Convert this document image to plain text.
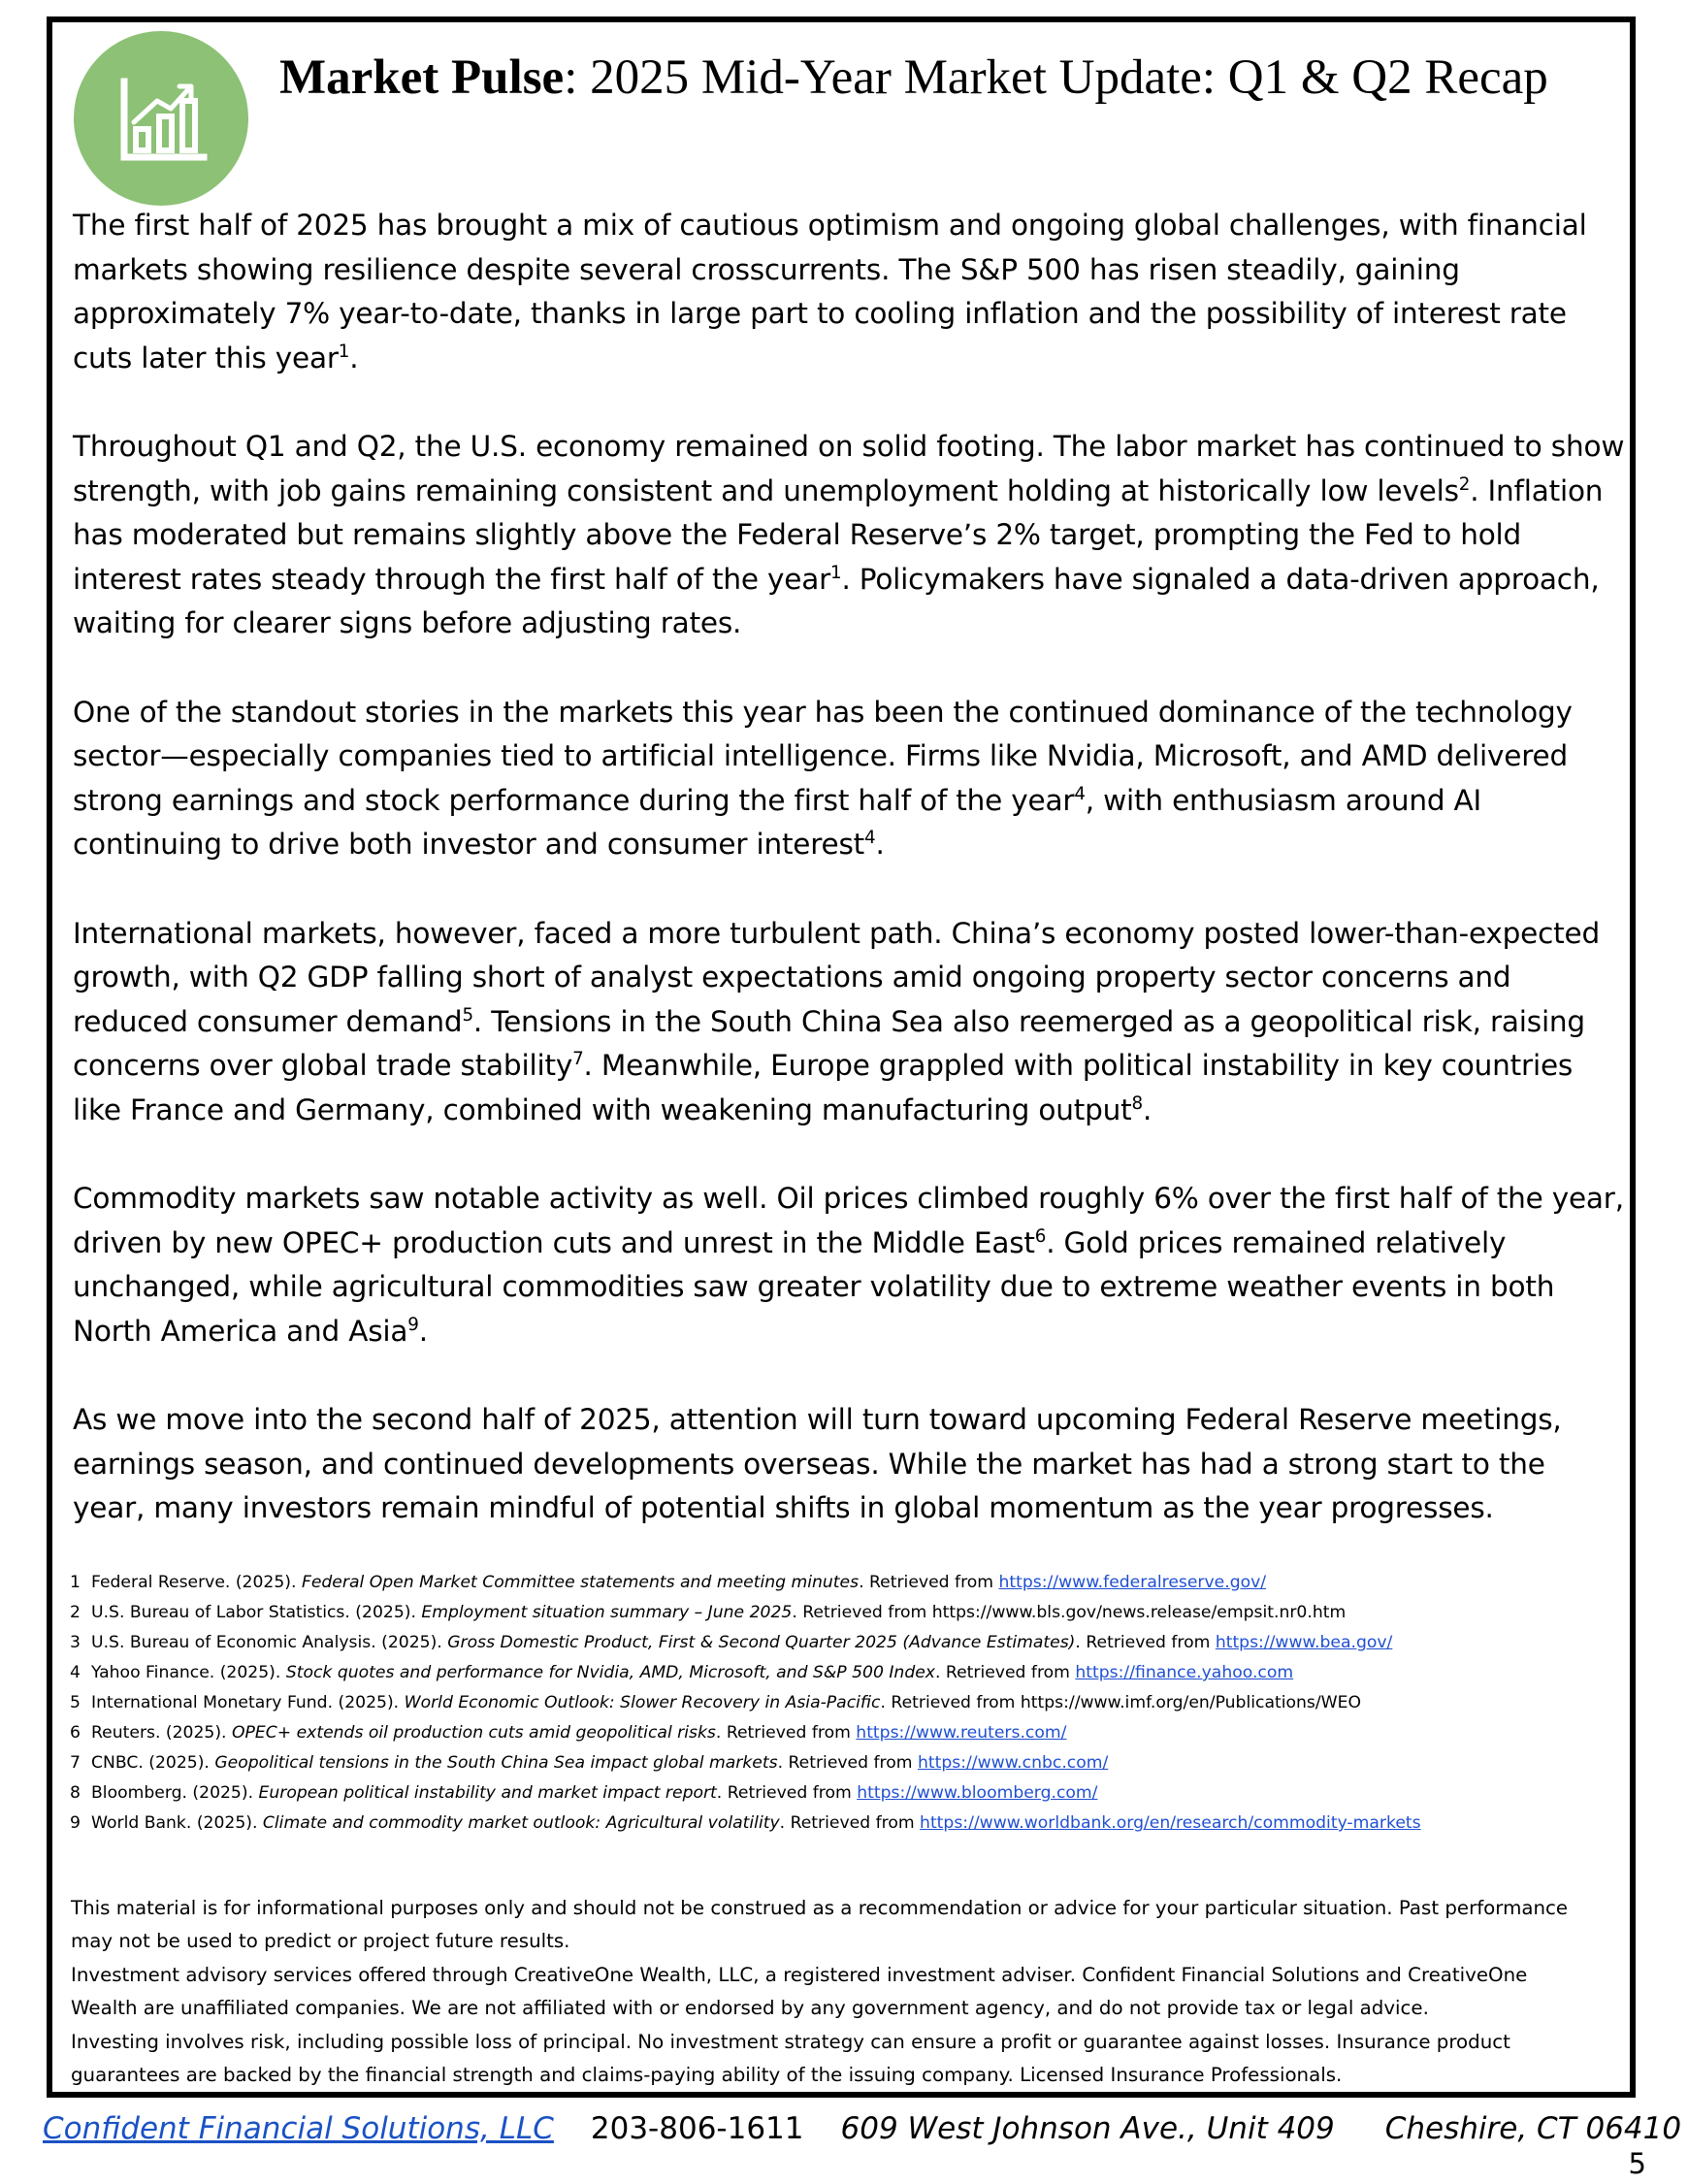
Market Pulse: 2025 Mid-Year Market Update: Q1 & Q2 Recap

The first half of 2025 has brought a mix of cautious optimism and ongoing global challenges, with financial markets showing resilience despite several crosscurrents. The S&P 500 has risen steadily, gaining approximately 7% year-to-date, thanks in large part to cooling inflation and the possibility of interest rate cuts later this year$^1$.

Throughout Q1 and Q2, the U.S. economy remained on solid footing. The labor market has continued to show strength, with job gains remaining consistent and unemployment holding at historically low levels$^2$. Inflation has moderated but remains slightly above the Federal Reserve’s 2% target, prompting the Fed to hold interest rates steady through the first half of the year$^1$. Policymakers have signaled a data-driven approach, waiting for clearer signs before adjusting rates.

One of the standout stories in the markets this year has been the continued dominance of the technology sector—especially companies tied to artificial intelligence. Firms like Nvidia, Microsoft, and AMD delivered strong earnings and stock performance during the first half of the year$^4$, with enthusiasm around AI continuing to drive both investor and consumer interest$^4$.

International markets, however, faced a more turbulent path. China’s economy posted lower-than-expected growth, with Q2 GDP falling short of analyst expectations amid ongoing property sector concerns and reduced consumer demand$^5$. Tensions in the South China Sea also reemerged as a geopolitical risk, raising concerns over global trade stability$^7$. Meanwhile, Europe grappled with political instability in key countries like France and Germany, combined with weakening manufacturing output$^8$.

Commodity markets saw notable activity as well. Oil prices climbed roughly 6% over the first half of the year, driven by new OPEC+ production cuts and unrest in the Middle East$^6$. Gold prices remained relatively unchanged, while agricultural commodities saw greater volatility due to extreme weather events in both North America and Asia$^9$.

As we move into the second half of 2025, attention will turn toward upcoming Federal Reserve meetings, earnings season, and continued developments overseas. While the market has had a strong start to the year, many investors remain mindful of potential shifts in global momentum as the year progresses.

1 Federal Reserve. (2025). Federal Open Market Committee statements and meeting minutes. Retrieved from https://www.federalreserve.gov/
2 U.S. Bureau of Labor Statistics. (2025). Employment situation summary – June 2025. Retrieved from https://www.bls.gov/news.release/empsit.nr0.htm
3 U.S. Bureau of Economic Analysis. (2025). Gross Domestic Product, First & Second Quarter 2025 (Advance Estimates). Retrieved from https://www.bea.gov/
4 Yahoo Finance. (2025). Stock quotes and performance for Nvidia, AMD, Microsoft, and S&P 500 Index. Retrieved from https://finance.yahoo.com
5 International Monetary Fund. (2025). World Economic Outlook: Slower Recovery in Asia-Pacific. Retrieved from https://www.imf.org/en/Publications/WEO
6 Reuters. (2025). OPEC+ extends oil production cuts amid geopolitical risks. Retrieved from https://www.reuters.com/
7 CNBC. (2025). Geopolitical tensions in the South China Sea impact global markets. Retrieved from https://www.cnbc.com/
8 Bloomberg. (2025). European political instability and market impact report. Retrieved from https://www.bloomberg.com/
9 World Bank. (2025). Climate and commodity market outlook: Agricultural volatility. Retrieved from https://www.worldbank.org/en/research/commodity-markets

This material is for informational purposes only and should not be construed as a recommendation or advice for your particular situation. Past performance may not be used to predict or project future results.

Investment advisory services offered through CreativeOne Wealth, LLC, a registered investment adviser. Confident Financial Solutions and CreativeOne Wealth are unaffiliated companies. We are not affiliated with or endorsed by any government agency, and do not provide tax or legal advice.

Investing involves risk, including possible loss of principal. No investment strategy can ensure a profit or guarantee against losses. Insurance product guarantees are backed by the financial strength and claims-paying ability of the issuing company. Licensed Insurance Professionals.

Confident Financial Solutions, LLC 203-806-1611 609 West Johnson Ave., Unit 409 Cheshire, CT 06410
5
